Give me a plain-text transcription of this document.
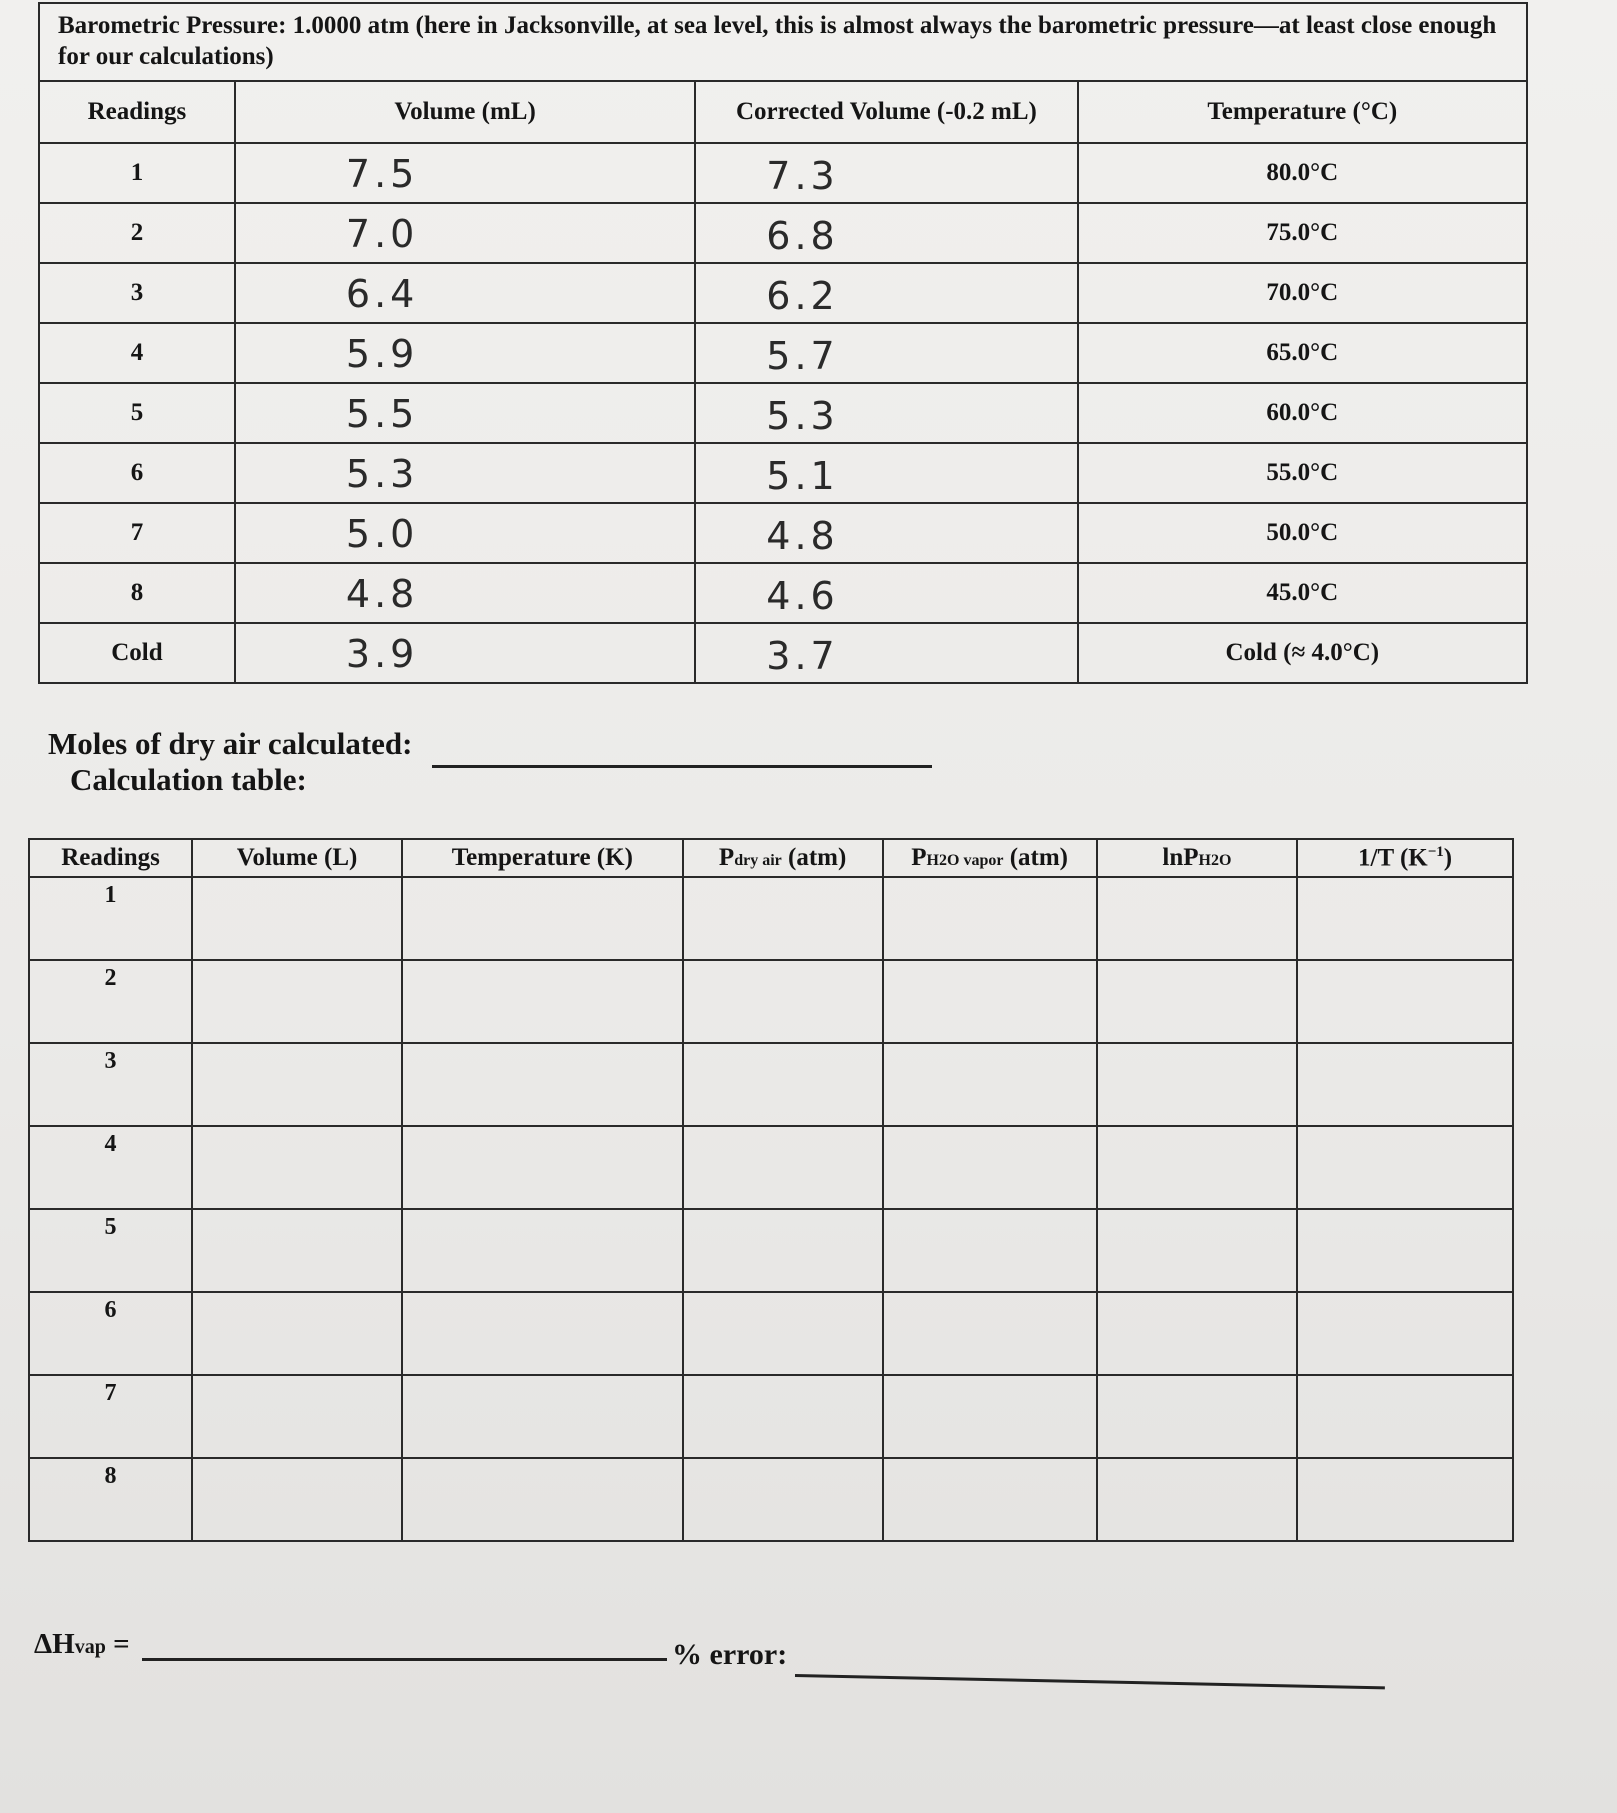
Barometric Pressure: 1.0000 atm (here in Jacksonville, at sea level, this is almost always the barometric pressure—at least close enough for our calculations)			
Readings	Volume (mL)	Corrected Volume (-0.2 mL)	Temperature (°C)
1	7.5	7.3	80.0°C
2	7.0	6.8	75.0°C
3	6.4	6.2	70.0°C
4	5.9	5.7	65.0°C
5	5.5	5.3	60.0°C
6	5.3	5.1	55.0°C
7	5.0	4.8	50.0°C
8	4.8	4.6	45.0°C
Cold	3.9	3.7	Cold (≈ 4.0°C)
Moles of dry air calculated:
Calculation table:
Readings	Volume (L)	Temperature (K)	Pdry air (atm)	PH2O vapor (atm)	lnPH2O	1/T $(K^{-1})$
1						
2						
3						
4						
5						
6						
7						
8						
ΔHvap =	% error:
